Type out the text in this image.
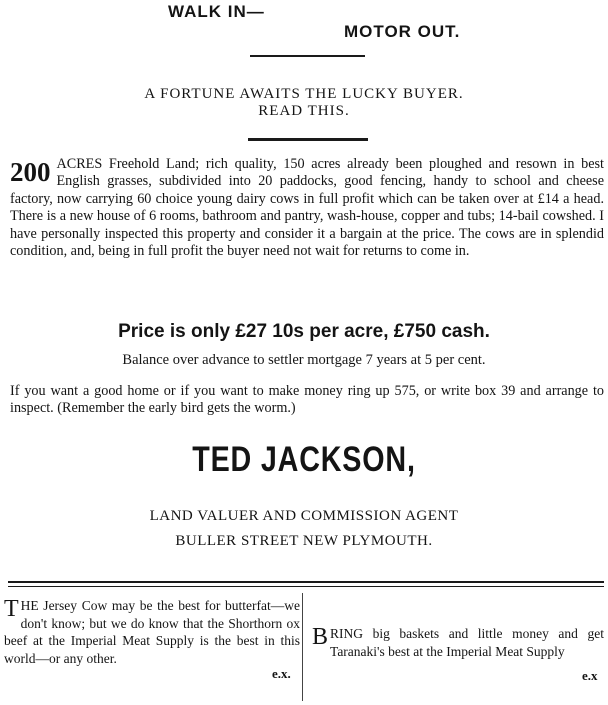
WALK IN—
MOTOR OUT.
A FORTUNE AWAITS THE LUCKY BUYER.
READ THIS.
200 ACRES Freehold Land; rich quality, 150 acres already been ploughed and resown in best English grasses, subdivided into 20 paddocks, good fencing, handy to school and cheese factory, now carrying 60 choice young dairy cows in full profit which can be taken over at £14 a head. There is a new house of 6 rooms, bathroom and pantry, wash-house, copper and tubs; 14-bail cowshed. I have personally inspected this property and consider it a bargain at the price. The cows are in splendid condition, and, being in full profit the buyer need not wait for returns to come in.
Price is only £27 10s per acre, £750 cash.
Balance over advance to settler mortgage 7 years at 5 per cent.
If you want a good home or if you want to make money ring up 575, or write box 39 and arrange to inspect. (Remember the early bird gets the worm.)
TED JACKSON,
LAND VALUER AND COMMISSION AGENT
BULLER STREET NEW PLYMOUTH.
THE Jersey Cow may be the best for butterfat—we don't know; but we do know that the Shorthorn ox beef at the Imperial Meat Supply is the best in this world—or any other.
e.x.
BRING big baskets and little money and get Taranaki's best at the Imperial Meat Supply
e.x
